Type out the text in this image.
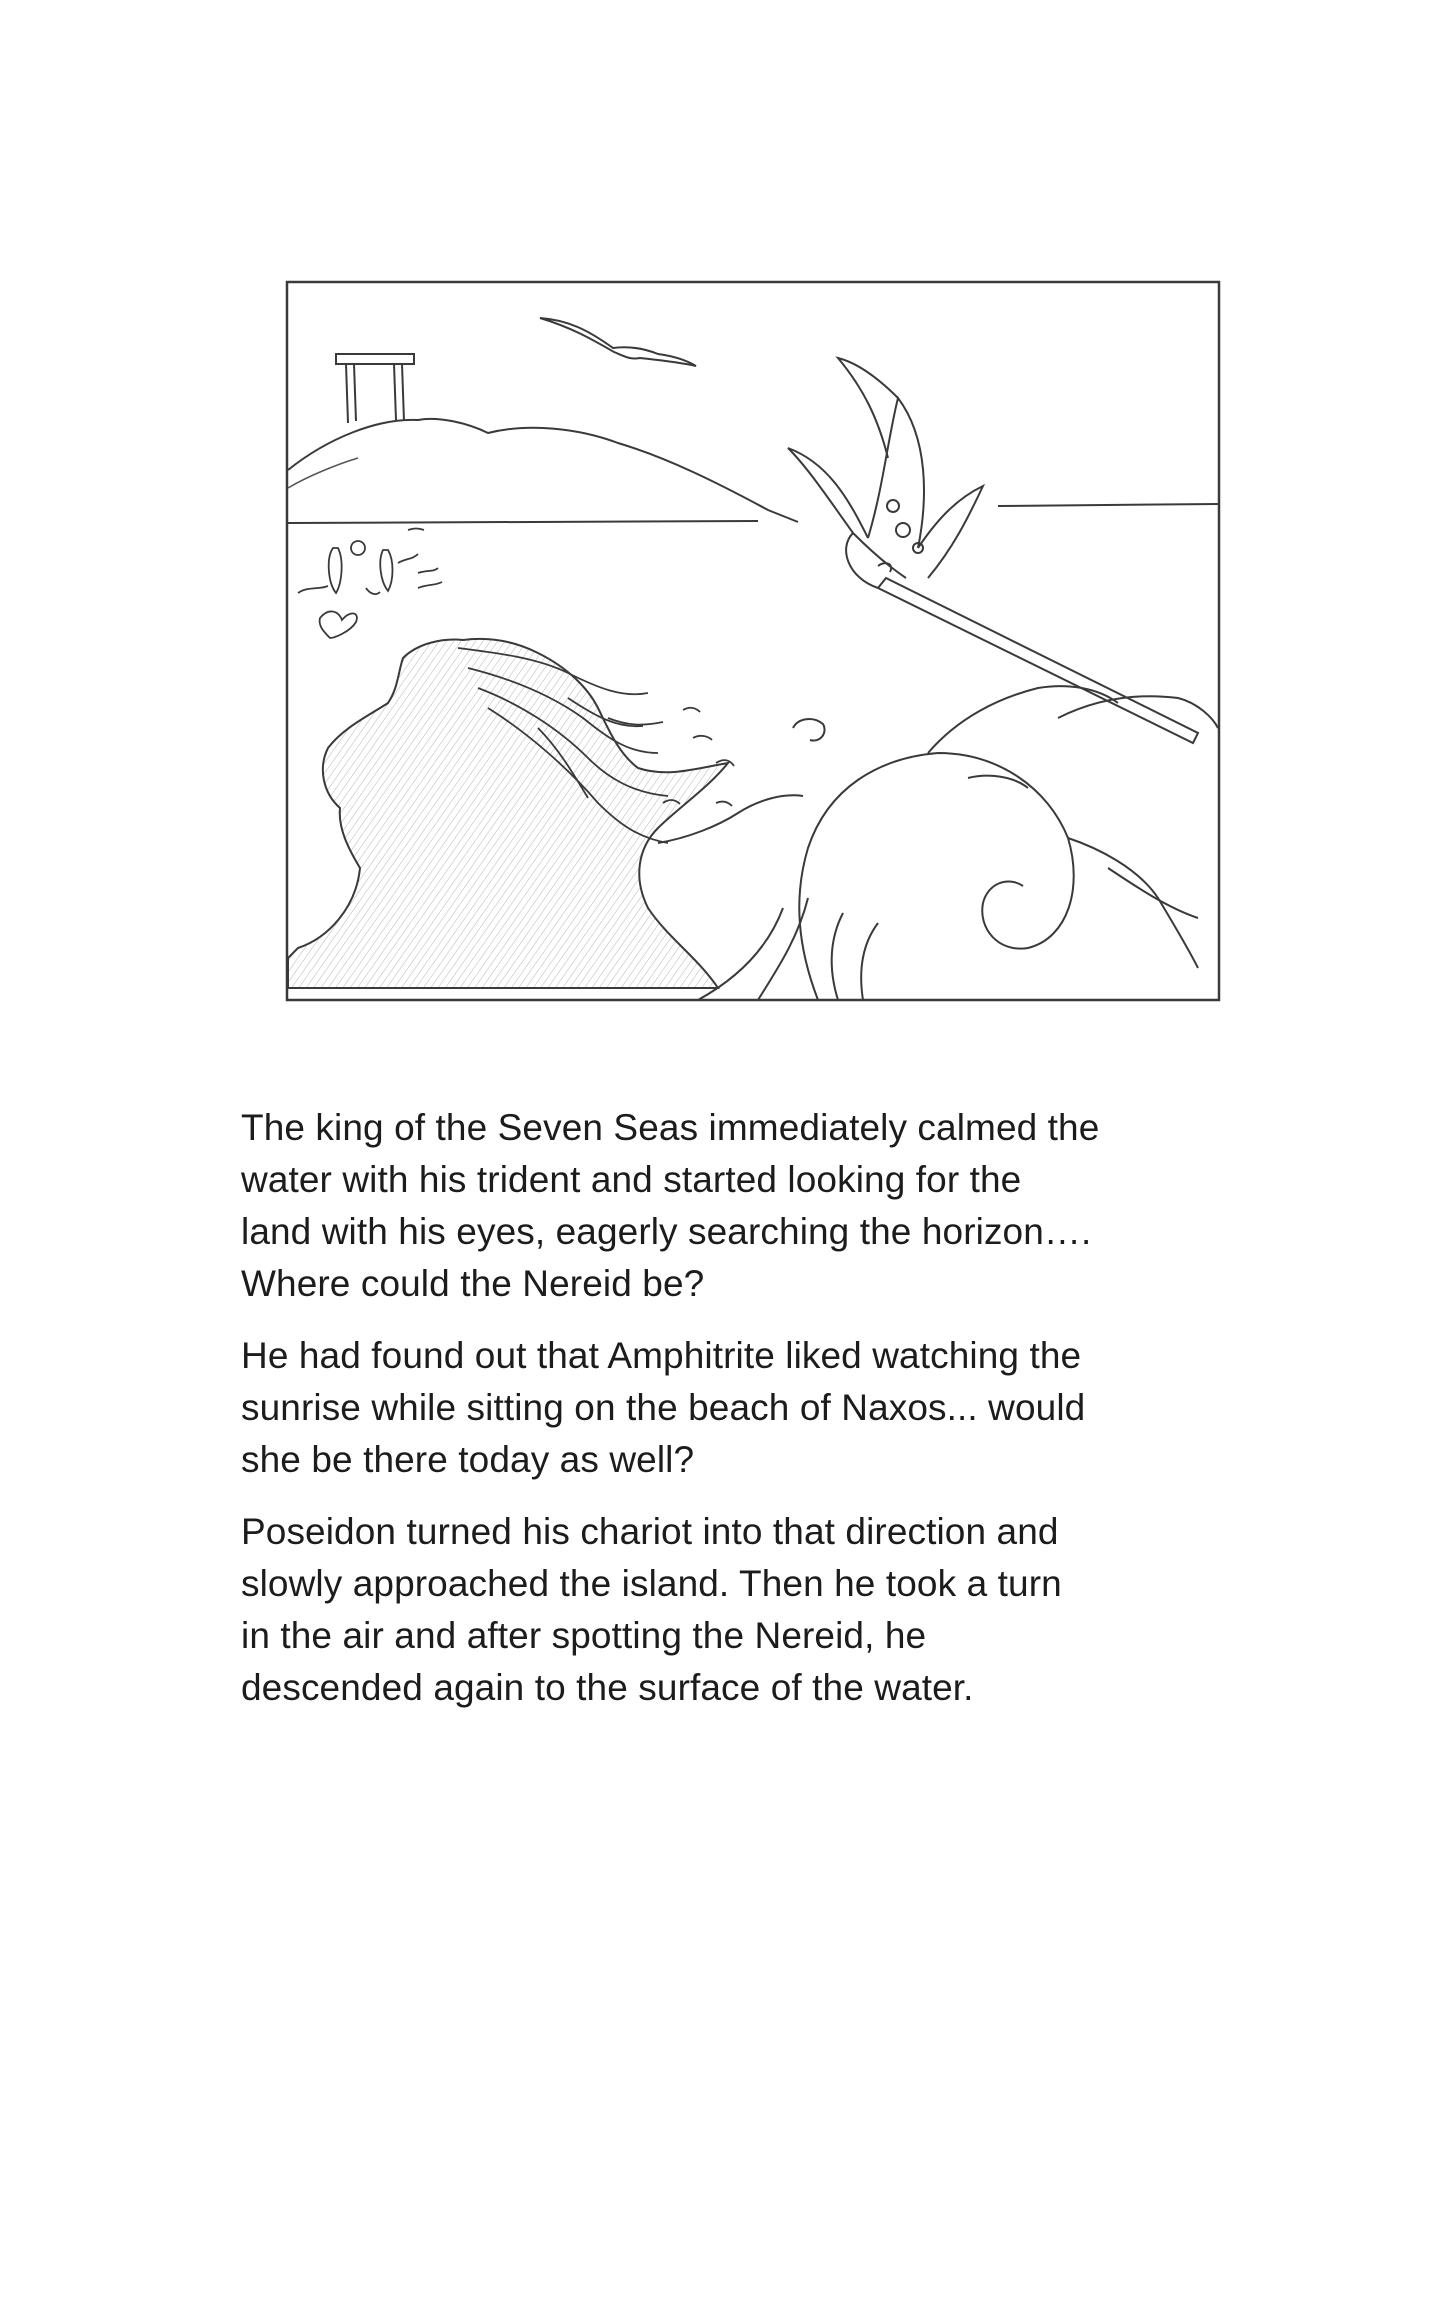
The king of the Seven Seas immediately calmed the
water with his trident and started looking for the
land with his eyes, eagerly searching the horizon….
Where could the Nereid be?

He had found out that Amphitrite liked watching the
sunrise while sitting on the beach of Naxos... would
she be there today as well?

Poseidon turned his chariot into that direction and
slowly approached the island. Then he took a turn
in the air and after spotting the Nereid, he
descended again to the surface of the water.
